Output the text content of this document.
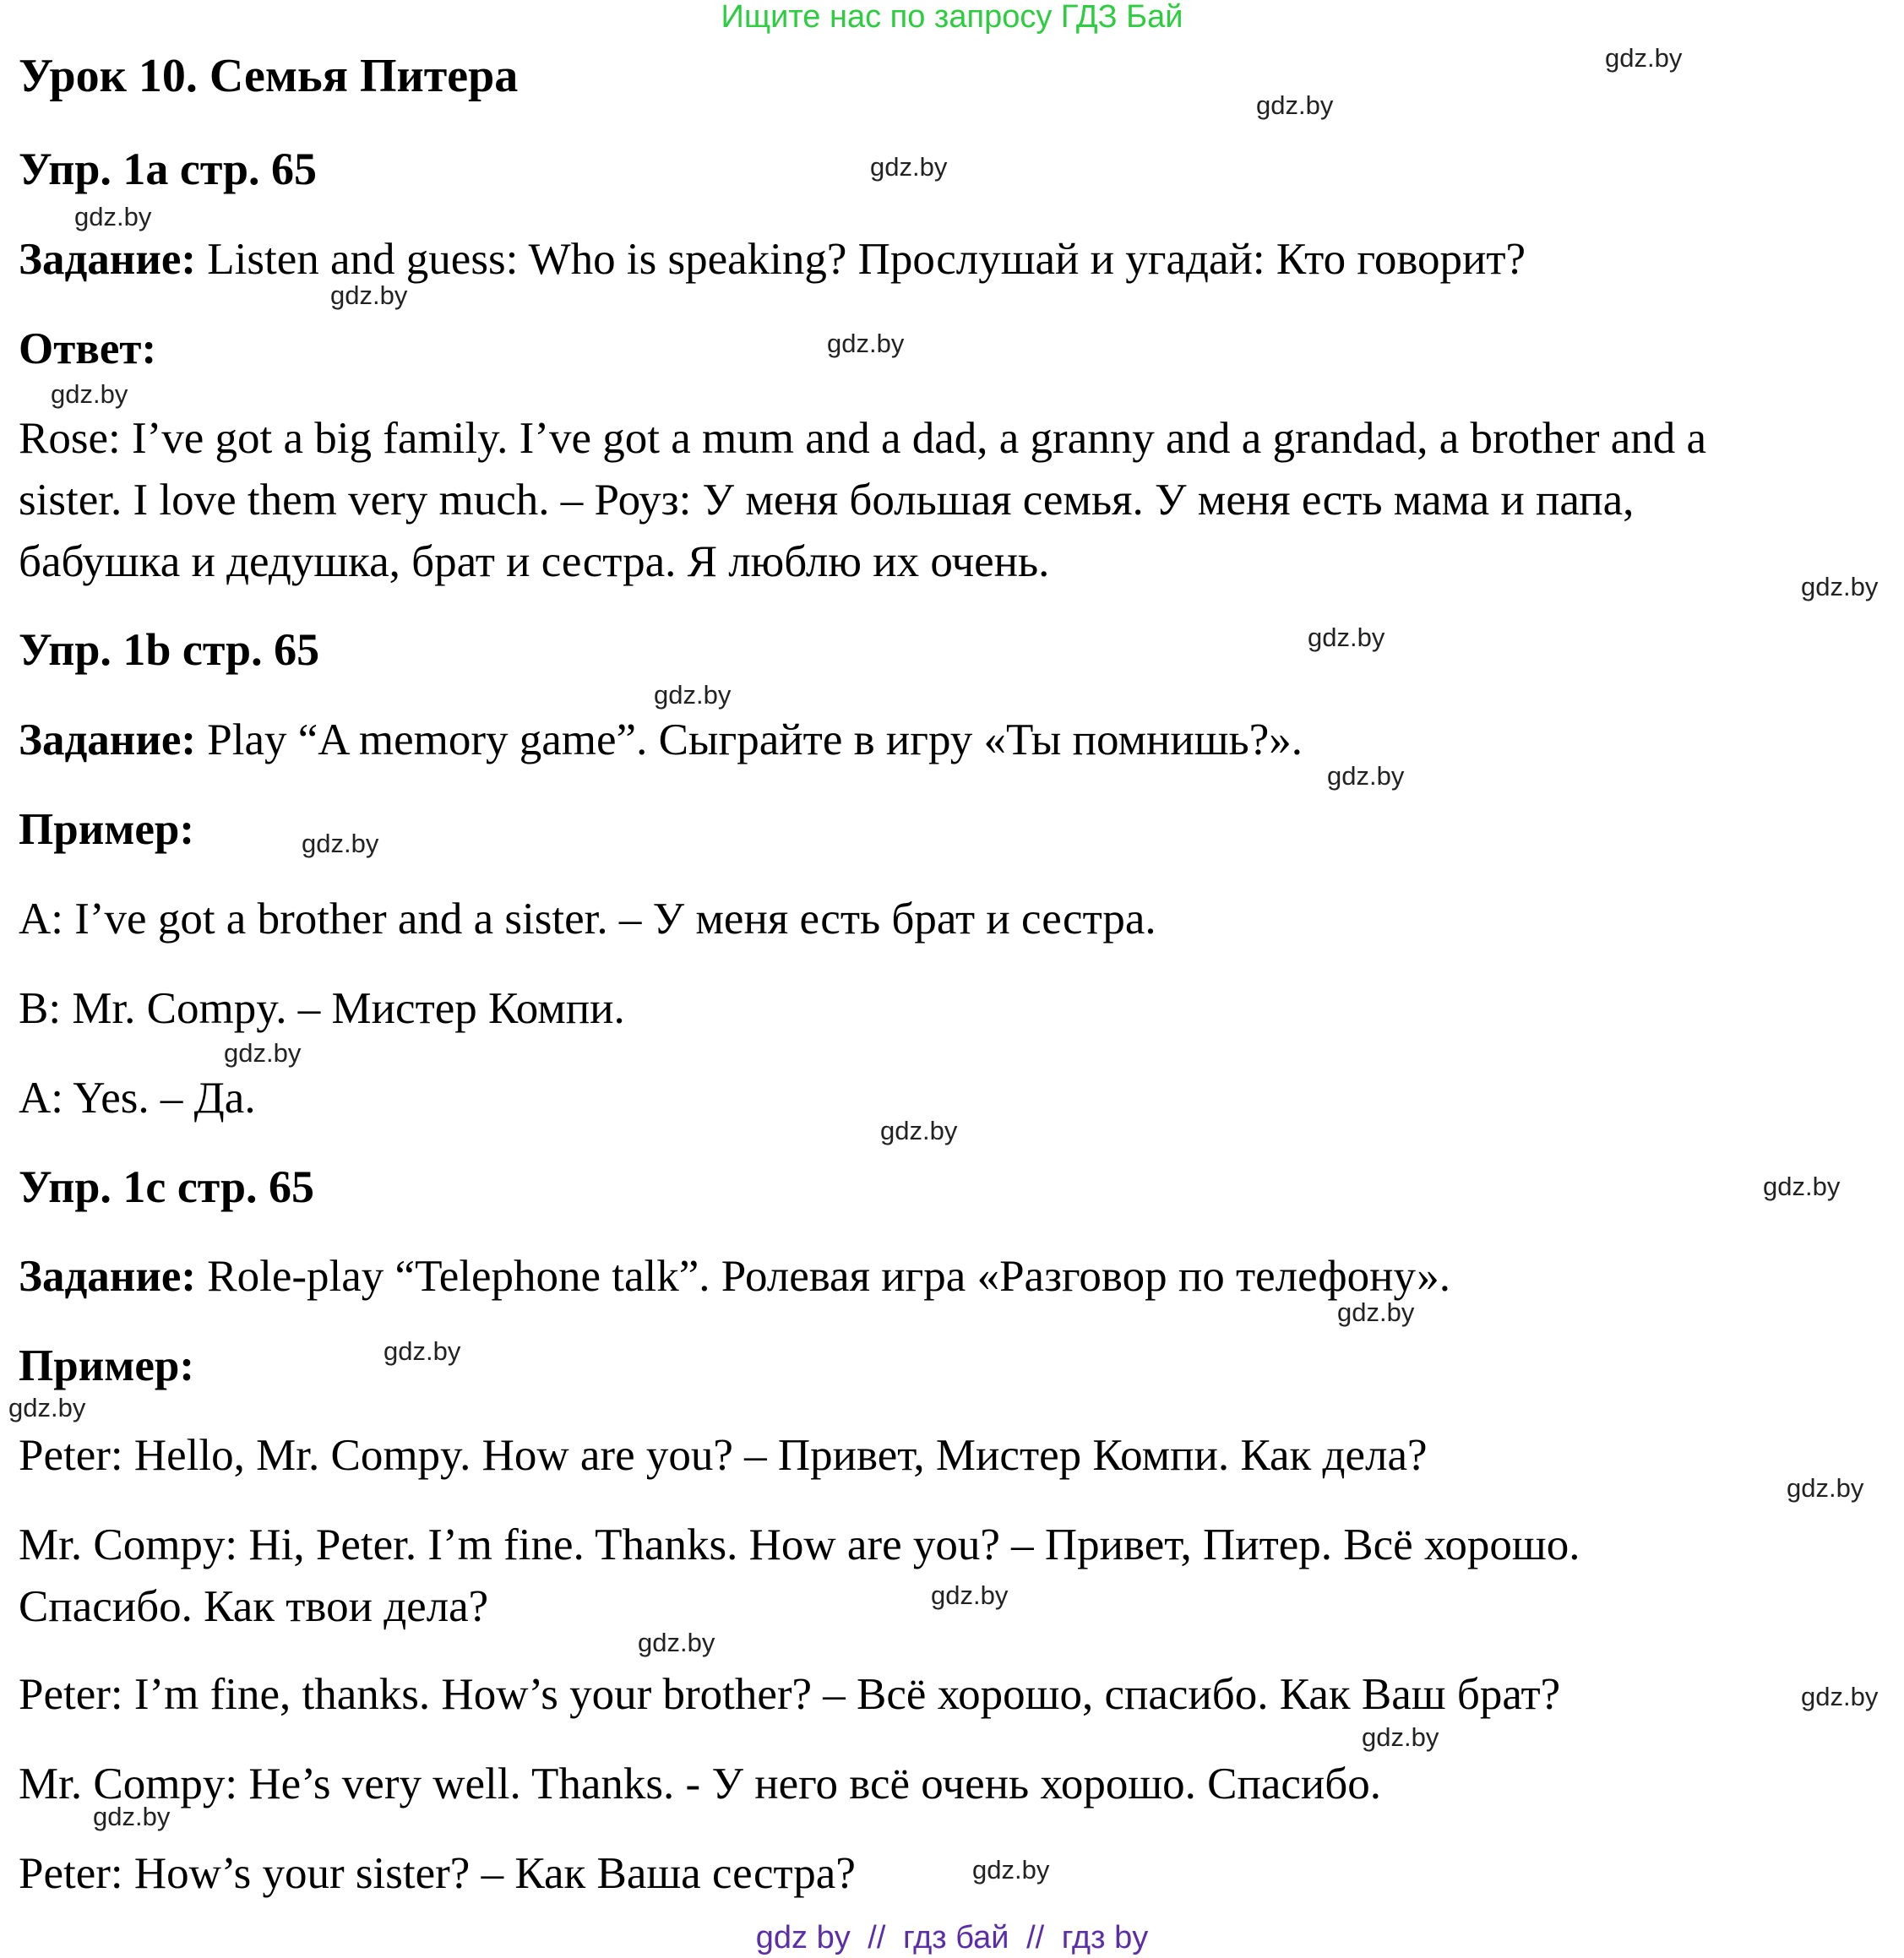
Ищите нас по запросу ГДЗ Бай
Урок 10. Семья Питера
Упр. 1a стр. 65
Задание: Listen and guess: Who is speaking? Прослушай и угадай: Кто говорит?
Ответ:
Rose: I’ve got a big family. I’ve got a mum and a dad, a granny and a grandad, a brother and a
sister. I love them very much. – Роуз: У меня большая семья. У меня есть мама и папа,
бабушка и дедушка, брат и сестра. Я люблю их очень.
Упр. 1b стр. 65
Задание: Play “A memory game”. Сыграйте в игру «Ты помнишь?».
Пример:
A: I’ve got a brother and a sister. – У меня есть брат и сестра.
B: Mr. Compy. – Мистер Компи.
A: Yes. – Да.
Упр. 1c стр. 65
Задание: Role-play “Telephone talk”. Ролевая игра «Разговор по телефону».
Пример:
Peter: Hello, Mr. Compy. How are you? – Привет, Мистер Компи. Как дела?
Mr. Compy: Hi, Peter. I’m fine. Thanks. How are you? – Привет, Питер. Всё хорошо.
Спасибо. Как твои дела?
Peter: I’m fine, thanks. How’s your brother? – Всё хорошо, спасибо. Как Ваш брат?
Mr. Compy: He’s very well. Thanks. - У него всё очень хорошо. Спасибо.
Peter: How’s your sister? – Как Ваша сестра?
gdz.by
gdz.by
gdz.by
gdz.by
gdz.by
gdz.by
gdz.by
gdz.by
gdz.by
gdz.by
gdz.by
gdz.by
gdz.by
gdz.by
gdz.by
gdz.by
gdz.by
gdz.by
gdz.by
gdz.by
gdz.by
gdz.by
gdz.by
gdz.by
gdz.by
gdz by // гдз бай // гдз by
